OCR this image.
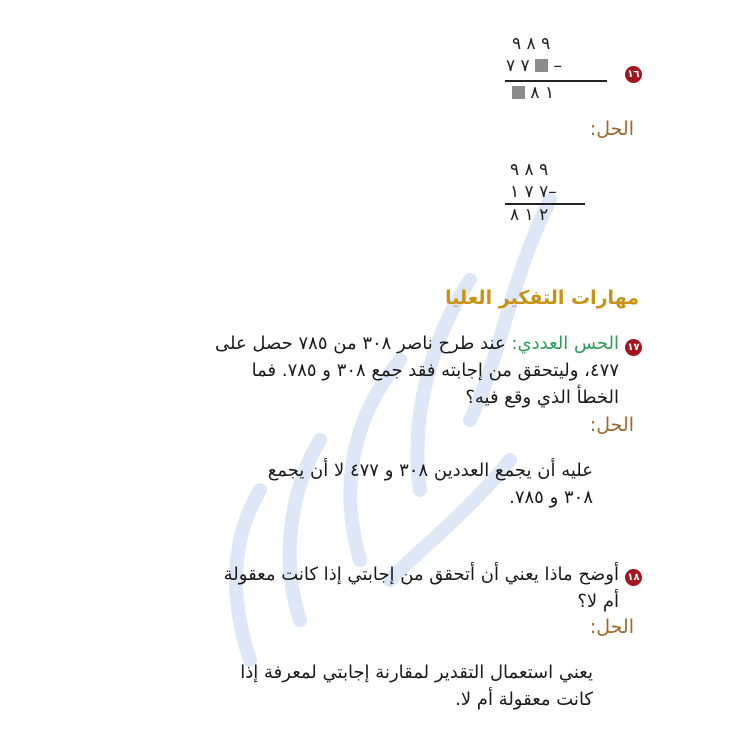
١٦
٩ ٨ ٩
٧ ٧ –
١ ٨
الحل:
٩ ٨ ٩
٧ ٧ ١–
٢ ١ ٨
مهارات التفكير العليا
١٧
الحس العددي: عند طرح ناصر ٣٠٨ من ٧٨٥ حصل على
٤٧٧، وليتحقق من إجابته فقد جمع ٣٠٨ و ٧٨٥. فما
الخطأ الذي وقع فيه؟
الحل:
عليه أن يجمع العددين ٣٠٨ و ٤٧٧ لا أن يجمع
٣٠٨ و ٧٨٥.
١٨
أوضح ماذا يعني أن أتحقق من إجابتي إذا كانت معقولة
أم لا؟
الحل:
يعني استعمال التقدير لمقارنة إجابتي لمعرفة إذا
كانت معقولة أم لا.
